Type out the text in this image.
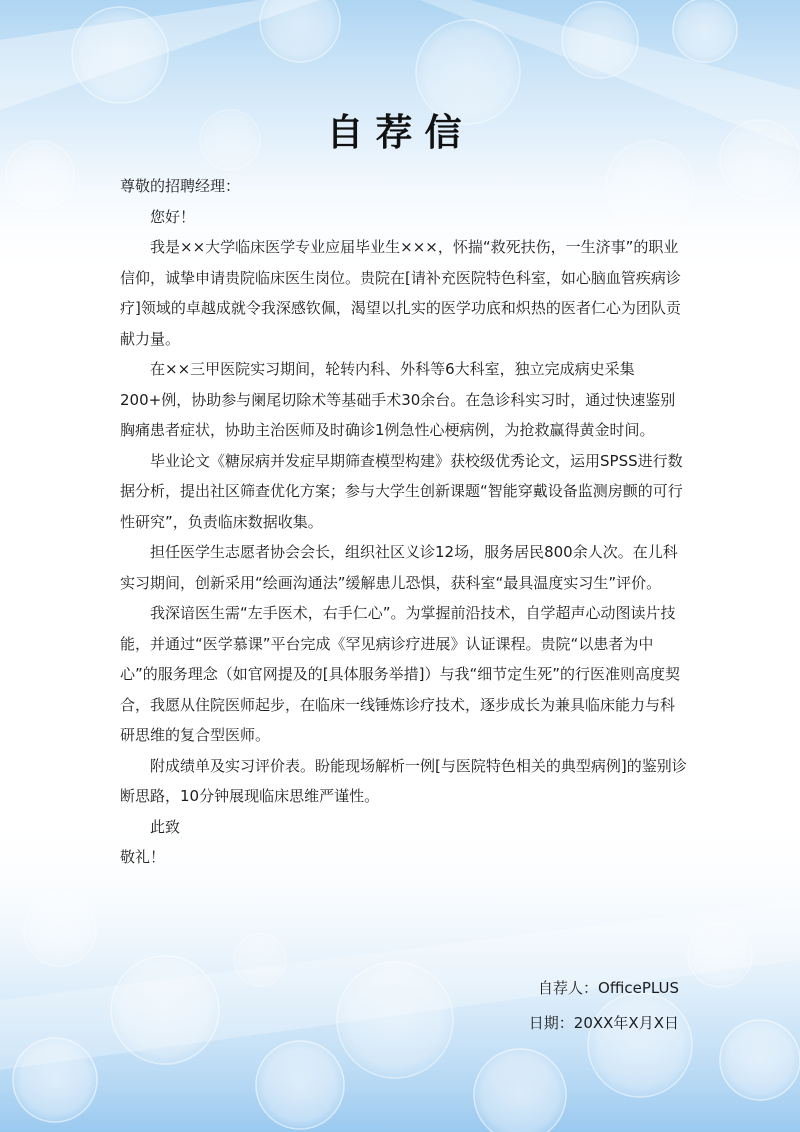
自荐信

尊敬的招聘经理：

您好！

我是××大学临床医学专业应届毕业生×××，怀揣“救死扶伤，一生济事”的职业信仰，诚挚申请贵院临床医生岗位。贵院在[请补充医院特色科室，如心脑血管疾病诊疗]领域的卓越成就令我深感钦佩，渴望以扎实的医学功底和炽热的医者仁心为团队贡献力量。

在××三甲医院实习期间，轮转内科、外科等6大科室，独立完成病史采集200+例，协助参与阑尾切除术等基础手术30余台。在急诊科实习时，通过快速鉴别胸痛患者症状，协助主治医师及时确诊1例急性心梗病例，为抢救赢得黄金时间。

毕业论文《糖尿病并发症早期筛查模型构建》获校级优秀论文，运用SPSS进行数据分析，提出社区筛查优化方案；参与大学生创新课题“智能穿戴设备监测房颤的可行性研究”，负责临床数据收集。

担任医学生志愿者协会会长，组织社区义诊12场，服务居民800余人次。在儿科实习期间，创新采用“绘画沟通法”缓解患儿恐惧，获科室“最具温度实习生”评价。

我深谙医生需“左手医术，右手仁心”。为掌握前沿技术，自学超声心动图读片技能，并通过“医学慕课”平台完成《罕见病诊疗进展》认证课程。贵院“以患者为中心”的服务理念（如官网提及的[具体服务举措]）与我“细节定生死”的行医准则高度契合，我愿从住院医师起步，在临床一线锤炼诊疗技术，逐步成长为兼具临床能力与科研思维的复合型医师。

附成绩单及实习评价表。盼能现场解析一例[与医院特色相关的典型病例]的鉴别诊断思路，10分钟展现临床思维严谨性。

此致

敬礼！

自荐人：OfficePLUS
日期：20XX年X月X日
